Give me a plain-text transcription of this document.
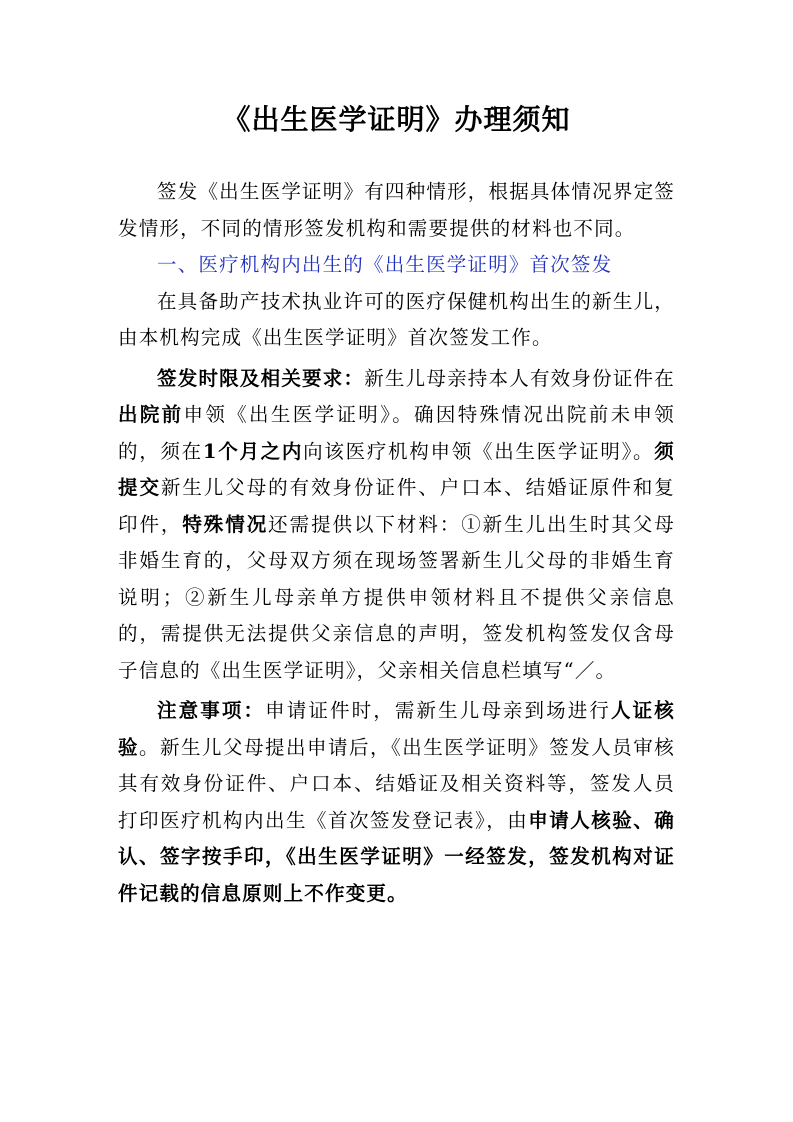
《出生医学证明》办理须知

签发《出生医学证明》有四种情形，根据具体情况界定签发情形，不同的情形签发机构和需要提供的材料也不同。

一、医疗机构内出生的《出生医学证明》首次签发

在具备助产技术执业许可的医疗保健机构出生的新生儿，由本机构完成《出生医学证明》首次签发工作。

签发时限及相关要求：新生儿母亲持本人有效身份证件在出院前申领《出生医学证明》。确因特殊情况出院前未申领的，须在1个月之内向该医疗机构申领《出生医学证明》。须提交新生儿父母的有效身份证件、户口本、结婚证原件和复印件，特殊情况还需提供以下材料：①新生儿出生时其父母非婚生育的，父母双方须在现场签署新生儿父母的非婚生育说明；②新生儿母亲单方提供申领材料且不提供父亲信息的，需提供无法提供父亲信息的声明，签发机构签发仅含母子信息的《出生医学证明》，父亲相关信息栏填写“／。

注意事项：申请证件时，需新生儿母亲到场进行人证核验。新生儿父母提出申请后，《出生医学证明》签发人员审核其有效身份证件、户口本、结婚证及相关资料等，签发人员打印医疗机构内出生《首次签发登记表》，由申请人核验、确认、签字按手印，《出生医学证明》一经签发，签发机构对证件记载的信息原则上不作变更。
